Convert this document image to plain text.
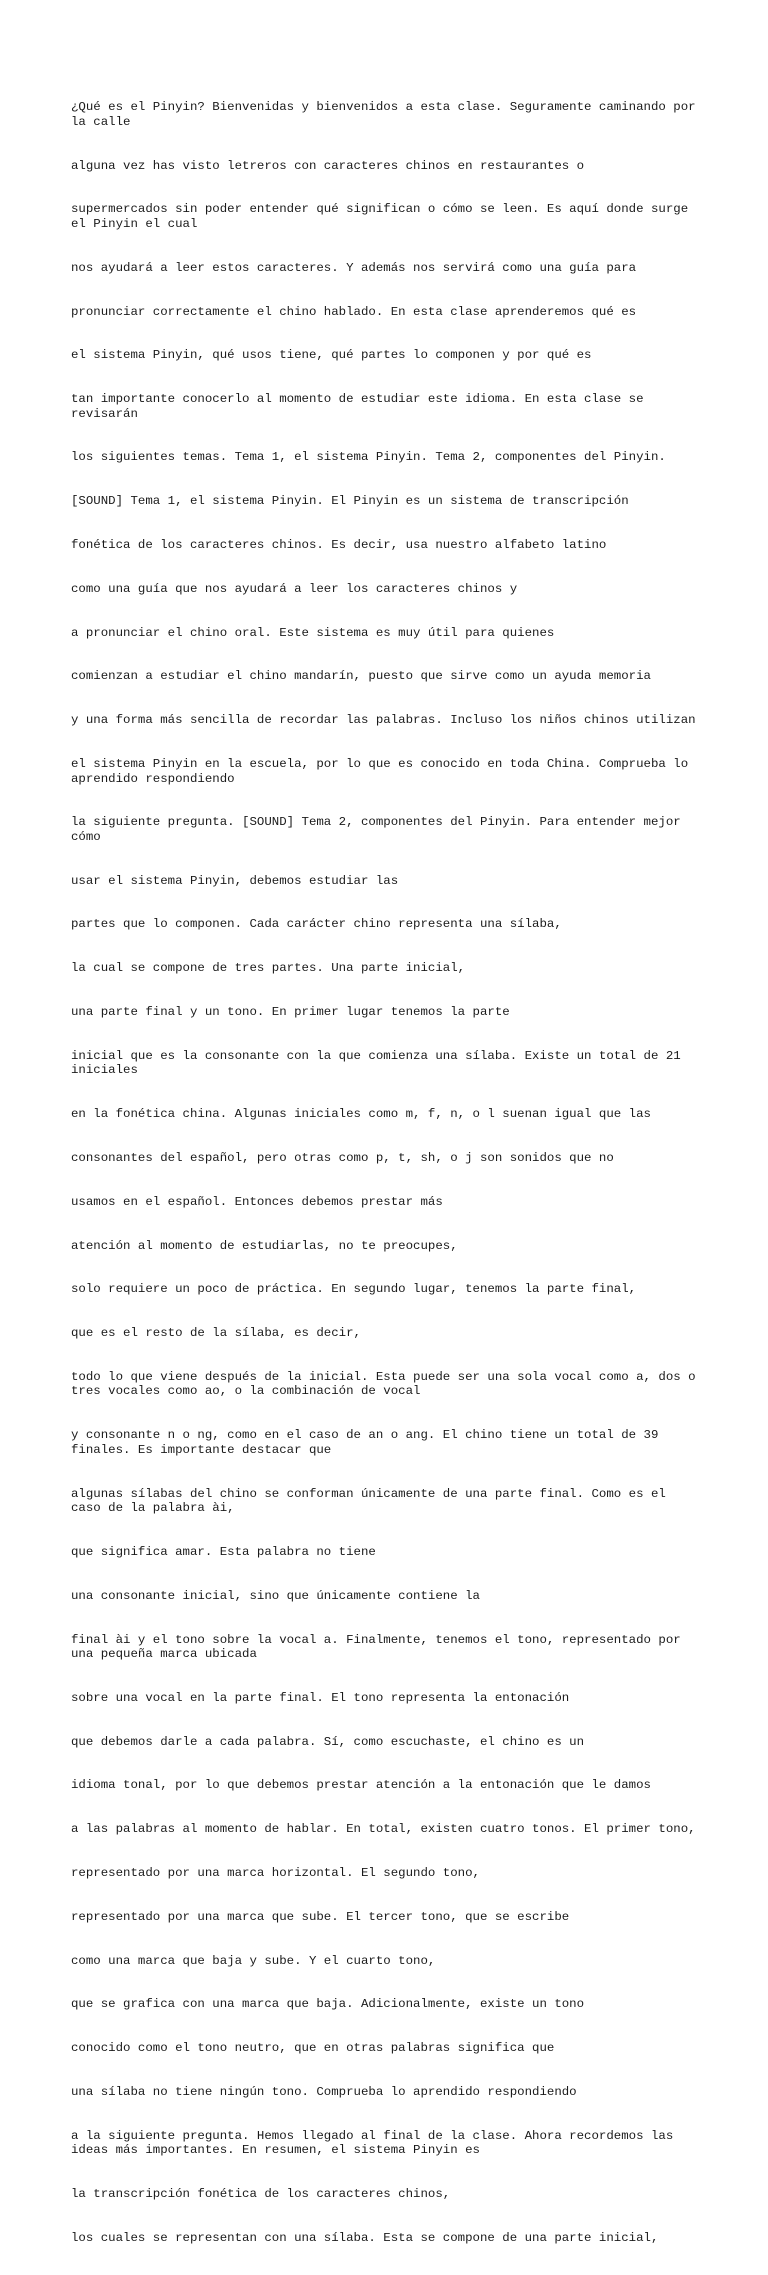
¿Qué es el Pinyin? Bienvenidas y bienvenidos a esta clase. Seguramente caminando por la calle

alguna vez has visto letreros con caracteres chinos en restaurantes o

supermercados sin poder entender qué significan o cómo se leen. Es aquí donde surge el Pinyin el cual

nos ayudará a leer estos caracteres. Y además nos servirá como una guía para

pronunciar correctamente el chino hablado. En esta clase aprenderemos qué es

el sistema Pinyin, qué usos tiene, qué partes lo componen y por qué es

tan importante conocerlo al momento de estudiar este idioma. En esta clase se revisarán

los siguientes temas. Tema 1, el sistema Pinyin. Tema 2, componentes del Pinyin.

[SOUND] Tema 1, el sistema Pinyin. El Pinyin es un sistema de transcripción

fonética de los caracteres chinos. Es decir, usa nuestro alfabeto latino

como una guía que nos ayudará a leer los caracteres chinos y

a pronunciar el chino oral. Este sistema es muy útil para quienes

comienzan a estudiar el chino mandarín, puesto que sirve como un ayuda memoria

y una forma más sencilla de recordar las palabras. Incluso los niños chinos utilizan

el sistema Pinyin en la escuela, por lo que es conocido en toda China. Comprueba lo aprendido respondiendo

la siguiente pregunta. [SOUND] Tema 2, componentes del Pinyin. Para entender mejor cómo

usar el sistema Pinyin, debemos estudiar las

partes que lo componen. Cada carácter chino representa una sílaba,

la cual se compone de tres partes. Una parte inicial,

una parte final y un tono. En primer lugar tenemos la parte

inicial que es la consonante con la que comienza una sílaba. Existe un total de 21 iniciales

en la fonética china. Algunas iniciales como m, f, n, o l suenan igual que las

consonantes del español, pero otras como p, t, sh, o j son sonidos que no

usamos en el español. Entonces debemos prestar más

atención al momento de estudiarlas, no te preocupes,

solo requiere un poco de práctica. En segundo lugar, tenemos la parte final,

que es el resto de la sílaba, es decir,

todo lo que viene después de la inicial. Esta puede ser una sola vocal como a, dos o tres vocales como ao, o la combinación de vocal

y consonante n o ng, como en el caso de an o ang. El chino tiene un total de 39 finales. Es importante destacar que

algunas sílabas del chino se conforman únicamente de una parte final. Como es el caso de la palabra ài,

que significa amar. Esta palabra no tiene

una consonante inicial, sino que únicamente contiene la

final ài y el tono sobre la vocal a. Finalmente, tenemos el tono, representado por una pequeña marca ubicada

sobre una vocal en la parte final. El tono representa la entonación

que debemos darle a cada palabra. Sí, como escuchaste, el chino es un

idioma tonal, por lo que debemos prestar atención a la entonación que le damos

a las palabras al momento de hablar. En total, existen cuatro tonos. El primer tono,

representado por una marca horizontal. El segundo tono,

representado por una marca que sube. El tercer tono, que se escribe

como una marca que baja y sube. Y el cuarto tono,

que se grafica con una marca que baja. Adicionalmente, existe un tono

conocido como el tono neutro, que en otras palabras significa que

una sílaba no tiene ningún tono. Comprueba lo aprendido respondiendo

a la siguiente pregunta. Hemos llegado al final de la clase. Ahora recordemos las ideas más importantes. En resumen, el sistema Pinyin es

la transcripción fonética de los caracteres chinos,

los cuales se representan con una sílaba. Esta se compone de una parte inicial,
